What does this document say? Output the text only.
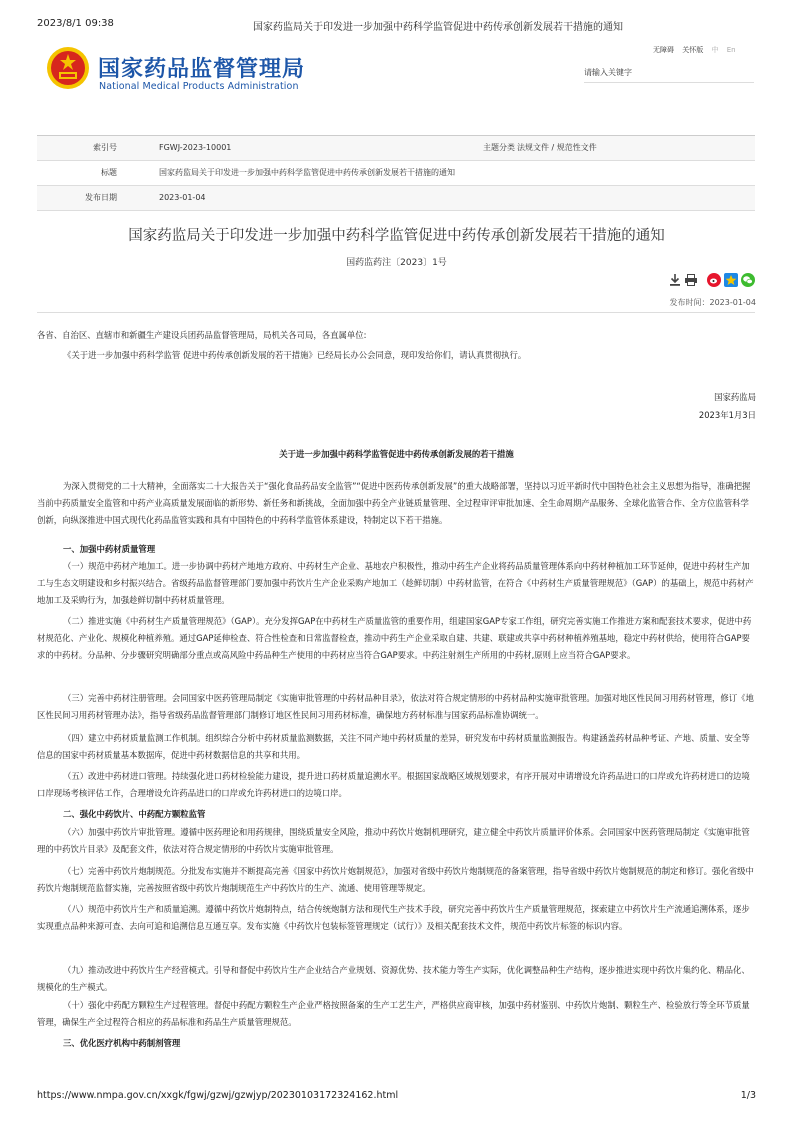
2023/8/1 09:38	国家药监局关于印发进一步加强中药科学监管促进中药传承创新发展若干措施的通知
国家药品监督管理局
National Medical Products Administration
无障碍 关怀版 中 En
请输入关键字
索引号	FGWJ-2023-10001	主题分类 法规文件 / 规范性文件
标题	国家药监局关于印发进一步加强中药科学监管促进中药传承创新发展若干措施的通知
发布日期	2023-01-04
国家药监局关于印发进一步加强中药科学监管促进中药传承创新发展若干措施的通知
国药监药注〔2023〕1号
发布时间：2023-01-04
各省、自治区、直辖市和新疆生产建设兵团药品监督管理局，局机关各司局，各直属单位:
《关于进一步加强中药科学监管 促进中药传承创新发展的若干措施》已经局长办公会同意，现印发给你们，请认真贯彻执行。
国家药监局
2023年1月3日
关于进一步加强中药科学监管促进中药传承创新发展的若干措施
为深入贯彻党的二十大精神，全面落实二十大报告关于“强化食品药品安全监管”“促进中医药传承创新发展”的重大战略部署，坚持以习近平新时代中国特色社会主义思想为指导，准确把握当前中药质量安全监管和中药产业高质量发展面临的新形势、新任务和新挑战，全面加强中药全产业链质量管理、全过程审评审批加速、全生命周期产品服务、全球化监管合作、全方位监管科学创新，向纵深推进中国式现代化药品监管实践和具有中国特色的中药科学监管体系建设，特制定以下若干措施。
一、加强中药材质量管理
（一）规范中药材产地加工。进一步协调中药材产地地方政府、中药材生产企业、基地农户积极性，推动中药生产企业将药品质量管理体系向中药材种植加工环节延伸，促进中药材生产加工与生态文明建设和乡村振兴结合。省级药品监督管理部门要加强中药饮片生产企业采购产地加工（趁鲜切制）中药材监管，在符合《中药材生产质量管理规范》（GAP）的基础上，规范中药材产地加工及采购行为，加强趁鲜切制中药材质量管理。
（二）推进实施《中药材生产质量管理规范》（GAP）。充分发挥GAP在中药材生产质量监管的重要作用，组建国家GAP专家工作组，研究完善实施工作推进方案和配套技术要求，促进中药材规范化、产业化、规模化种植养殖。通过GAP延伸检查、符合性检查和日常监督检查，推动中药生产企业采取自建、共建、联建或共享中药材种植养殖基地，稳定中药材供给，使用符合GAP要求的中药材。分品种、分步骤研究明确部分重点或高风险中药品种生产使用的中药材应当符合GAP要求。中药注射剂生产所用的中药材,原则上应当符合GAP要求。
（三）完善中药材注册管理。会同国家中医药管理局制定《实施审批管理的中药材品种目录》，依法对符合规定情形的中药材品种实施审批管理。加强对地区性民间习用药材管理，修订《地区性民间习用药材管理办法》，指导省级药品监督管理部门制修订地区性民间习用药材标准，确保地方药材标准与国家药品标准协调统一。
（四）建立中药材质量监测工作机制。组织综合分析中药材质量监测数据，关注不同产地中药材质量的差异，研究发布中药材质量监测报告。构建涵盖药材品种考证、产地、质量、安全等信息的国家中药材质量基本数据库，促进中药材数据信息的共享和共用。
（五）改进中药材进口管理。持续强化进口药材检验能力建设，提升进口药材质量追溯水平。根据国家战略区域规划要求，有序开展对申请增设允许药品进口的口岸或允许药材进口的边境口岸现场考核评估工作，合理增设允许药品进口的口岸或允许药材进口的边境口岸。
二、强化中药饮片、中药配方颗粒监管
（六）加强中药饮片审批管理。遵循中医药理论和用药规律，围绕质量安全风险，推动中药饮片炮制机理研究，建立健全中药饮片质量评价体系。会同国家中医药管理局制定《实施审批管理的中药饮片目录》及配套文件，依法对符合规定情形的中药饮片实施审批管理。
（七）完善中药饮片炮制规范。分批发布实施并不断提高完善《国家中药饮片炮制规范》，加强对省级中药饮片炮制规范的备案管理，指导省级中药饮片炮制规范的制定和修订。强化省级中药饮片炮制规范监督实施，完善按照省级中药饮片炮制规范生产中药饮片的生产、流通、使用管理等规定。
（八）规范中药饮片生产和质量追溯。遵循中药饮片炮制特点，结合传统炮制方法和现代生产技术手段，研究完善中药饮片生产质量管理规范，探索建立中药饮片生产流通追溯体系，逐步实现重点品种来源可查、去向可追和追溯信息互通互享。发布实施《中药饮片包装标签管理规定（试行）》及相关配套技术文件，规范中药饮片标签的标识内容。
（九）推动改进中药饮片生产经营模式。引导和督促中药饮片生产企业结合产业规划、资源优势、技术能力等生产实际，优化调整品种生产结构，逐步推进实现中药饮片集约化、精品化、规模化的生产模式。
（十）强化中药配方颗粒生产过程管理。督促中药配方颗粒生产企业严格按照备案的生产工艺生产，严格供应商审核，加强中药材鉴别、中药饮片炮制、颗粒生产、检验放行等全环节质量管理，确保生产全过程符合相应的药品标准和药品生产质量管理规范。
三、优化医疗机构中药制剂管理
https://www.nmpa.gov.cn/xxgk/fgwj/gzwj/gzwjyp/20230103172324162.html	1/3
